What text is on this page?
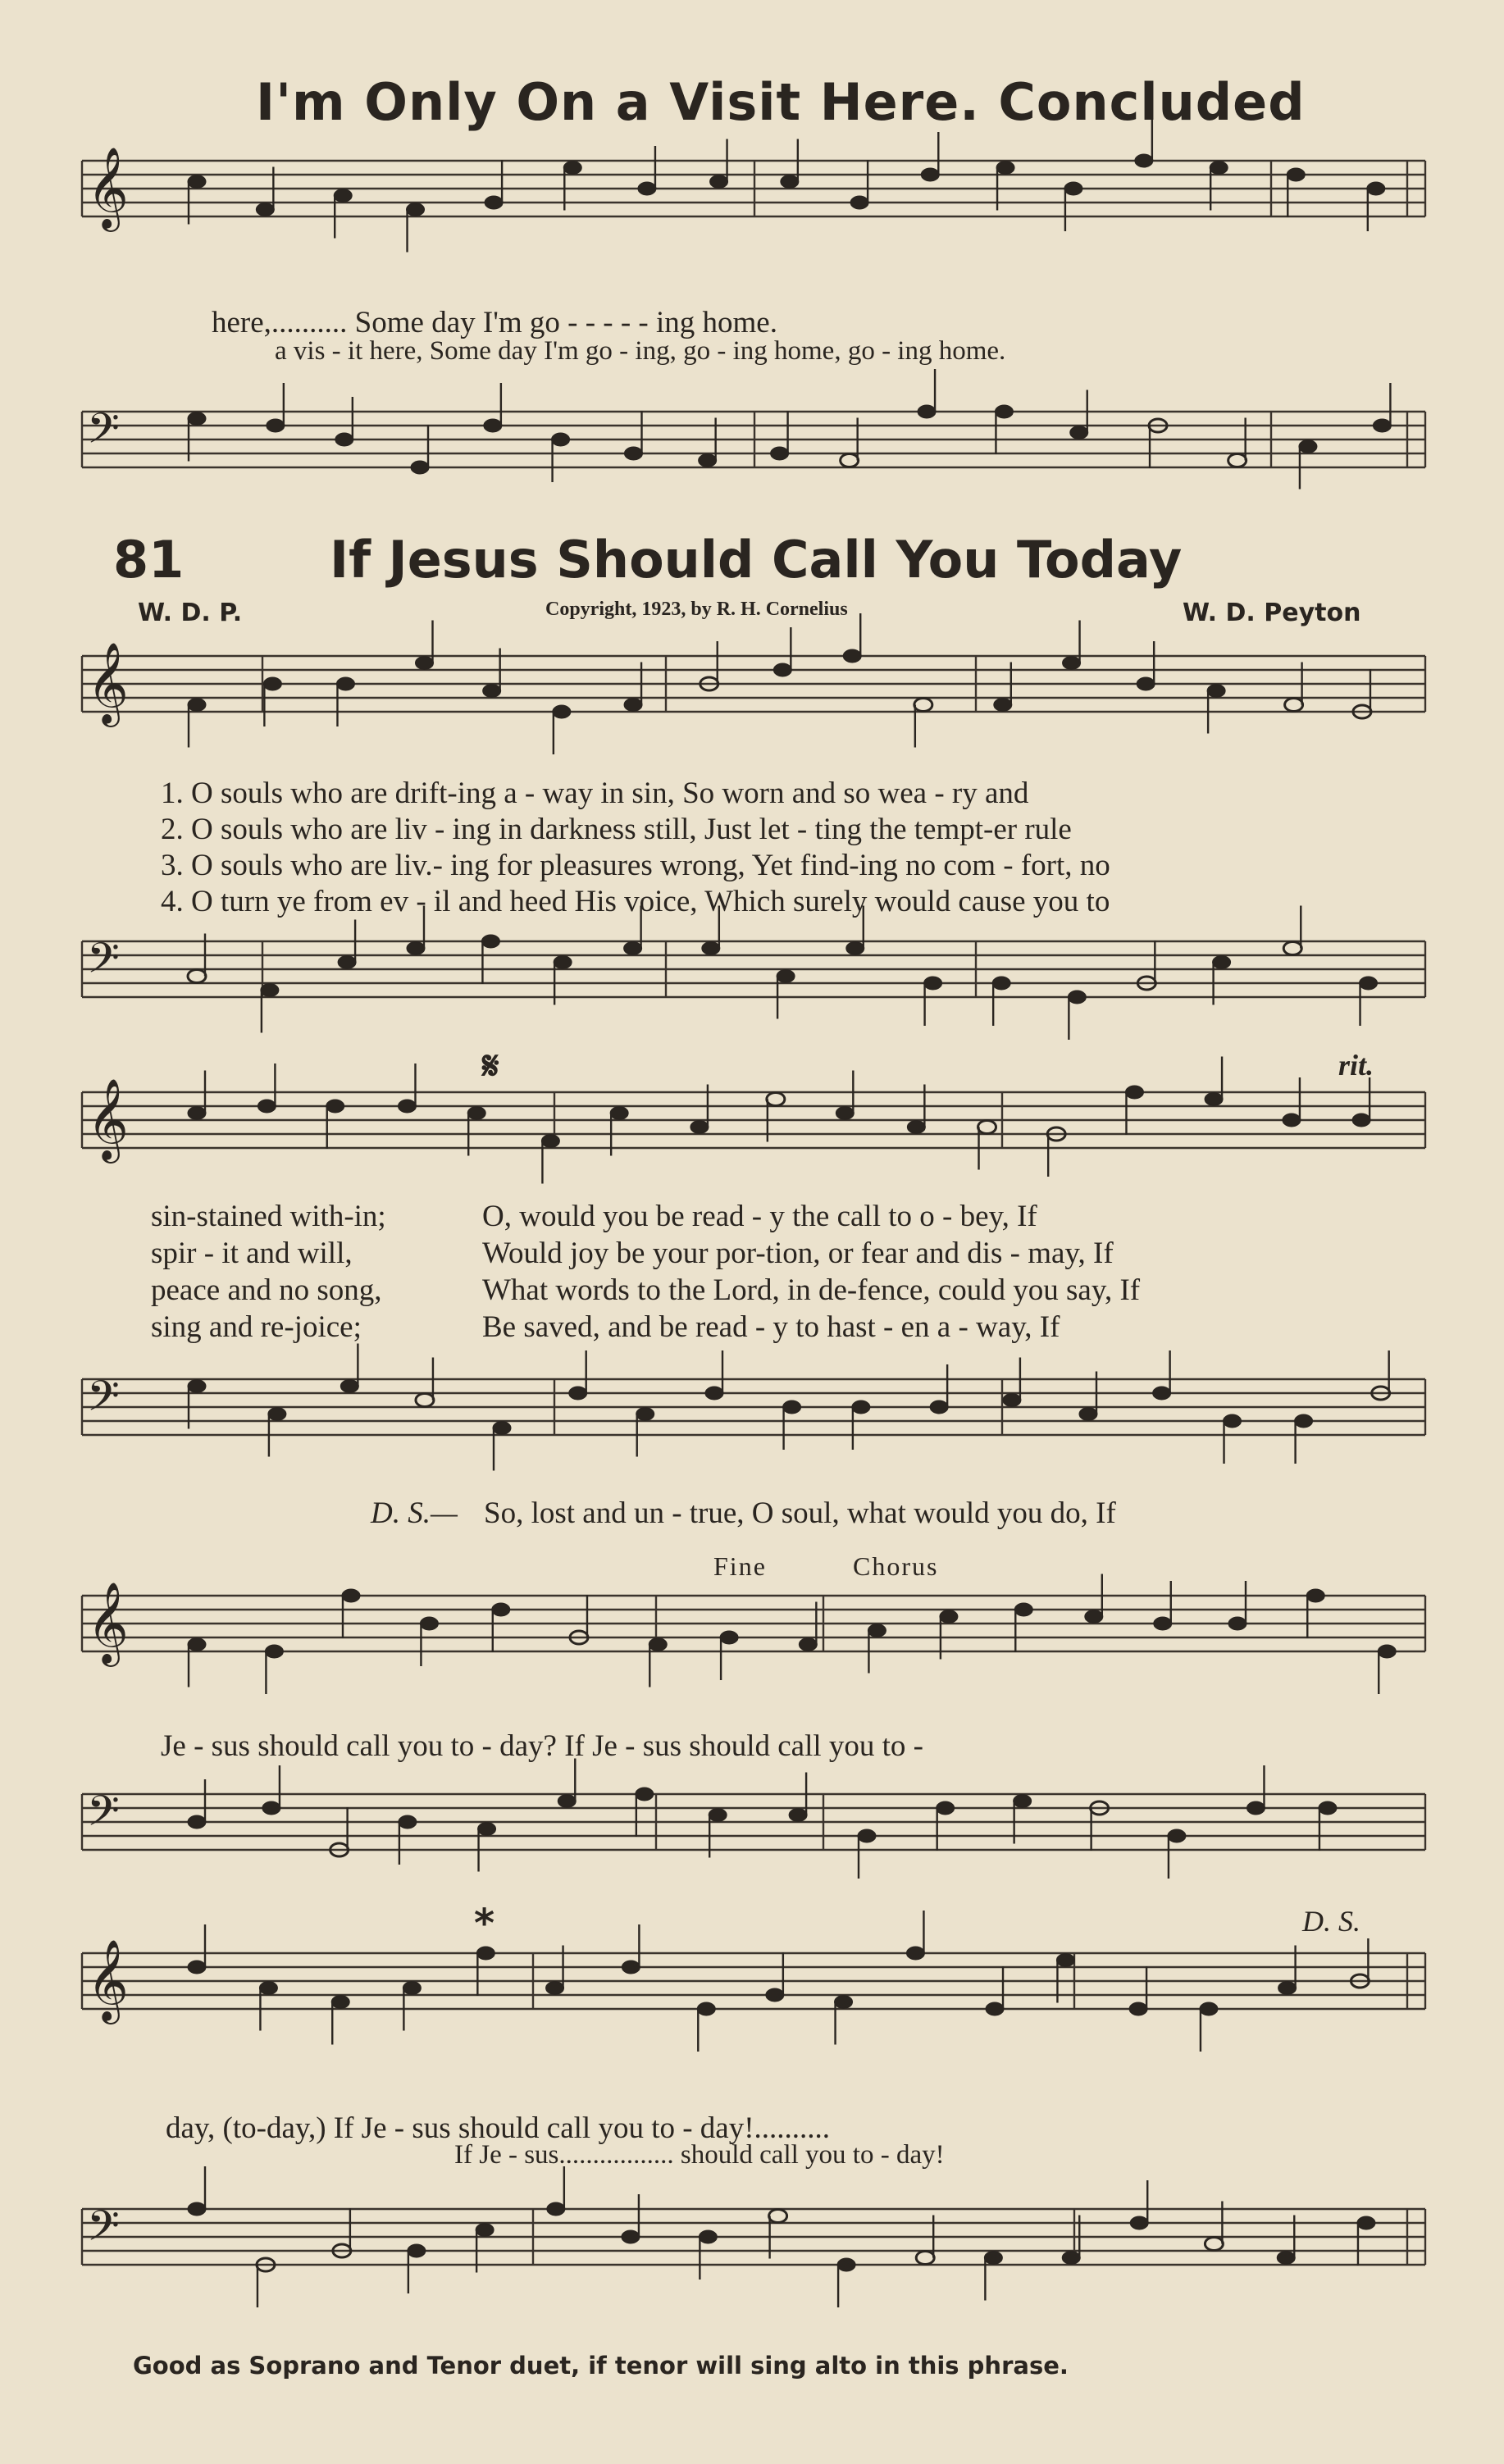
𝄞
𝄢
𝄞
𝄢
𝄞
𝄢
𝄞
𝄢
𝄞
𝄢
I'm Only On a Visit Here. Concluded
here,.......... Some day I'm go - - - - - ing home.
a vis - it here, Some day I'm go - ing, go - ing home, go - ing home.
81	If Jesus Should Call You Today
W. D. P.	Copyright, 1923, by R. H. Cornelius	W. D. Peyton
1. O souls who are drift-ing a - way in sin, So worn and so wea - ry and
2. O souls who are liv - ing in darkness still, Just let - ting the tempt-er rule
3. O souls who are liv.- ing for pleasures wrong, Yet find-ing no com - fort, no
4. O turn ye from ev - il and heed His voice, Which surely would cause you to
𝄋	rit.
sin-stained with-in;
spir - it and will,
peace and no song,
sing and re-joice;
O, would you be read - y the call to o - bey, If
Would joy be your por-tion, or fear and dis - may, If
What words to the Lord, in de-fence, could you say, If
Be saved, and be read - y to hast - en a - way, If
D. S.— So, lost and un - true, O soul, what would you do, If
Fine	Chorus
Je - sus should call you to - day? If Je - sus should call you to -
*	D. S.
day, (to-day,) If Je - sus should call you to - day!..........
If Je - sus................. should call you to - day!
Good as Soprano and Tenor duet, if tenor will sing alto in this phrase.
